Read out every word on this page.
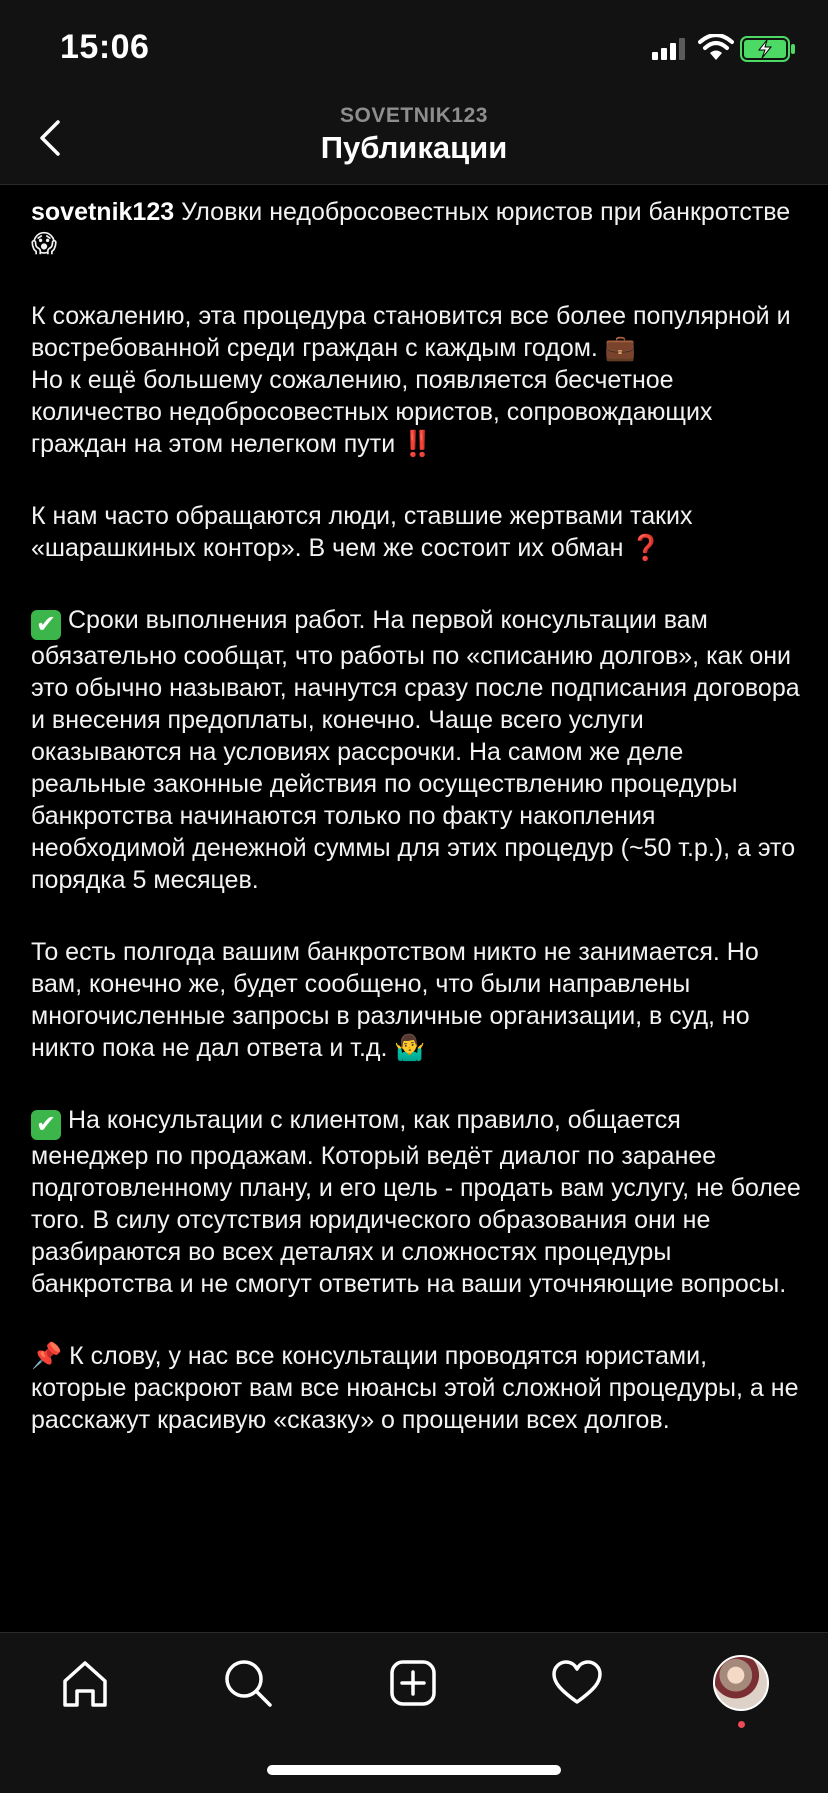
15:06
SOVETNIK123
Публикации

sovetnik123 Уловки недобросовестных юристов при банкротстве 😱

К сожалению, эта процедура становится все более популярной и востребованной среди граждан с каждым годом. 💼
Но к ещё большему сожалению, появляется бесчетное количество недобросовестных юристов, сопровождающих граждан на этом нелегком пути ‼️

К нам часто обращаются люди, ставшие жертвами таких «шарашкиных контор». В чем же состоит их обман ❓

✔ Сроки выполнения работ. На первой консультации вам обязательно сообщат, что работы по «списанию долгов», как они это обычно называют, начнутся сразу после подписания договора и внесения предоплаты, конечно. Чаще всего услуги оказываются на условиях рассрочки. На самом же деле реальные законные действия по осуществлению процедуры банкротства начинаются только по факту накопления необходимой денежной суммы для этих процедур (~50 т.р.), а это порядка 5 месяцев.

То есть полгода вашим банкротством никто не занимается. Но вам, конечно же, будет сообщено, что были направлены многочисленные запросы в различные организации, в суд, но никто пока не дал ответа и т.д. 🤷‍♂️

✔ На консультации с клиентом, как правило, общается менеджер по продажам. Который ведёт диалог по заранее подготовленному плану, и его цель - продать вам услугу, не более того. В силу отсутствия юридического образования они не разбираются во всех деталях и сложностях процедуры банкротства и не смогут ответить на ваши уточняющие вопросы.

📌 К слову, у нас все консультации проводятся юристами, которые раскроют вам все нюансы этой сложной процедуры, а не расскажут красивую «сказку» о прощении всех долгов.
